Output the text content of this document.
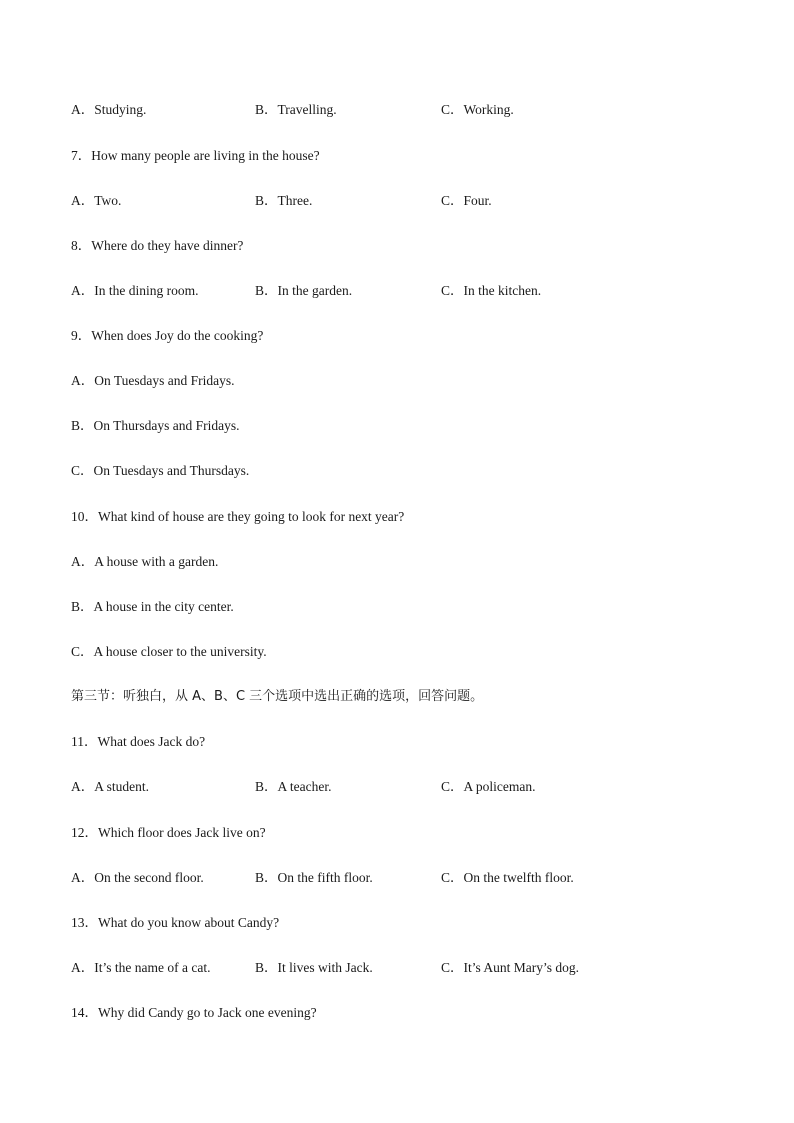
A．Studying.	B．Travelling.	C．Working.
7．How many people are living in the house?
A．Two.	B．Three.	C．Four.
8．Where do they have dinner?
A．In the dining room.	B．In the garden.	C．In the kitchen.
9．When does Joy do the cooking?
A．On Tuesdays and Fridays.
B．On Thursdays and Fridays.
C．On Tuesdays and Thursdays.
10．What kind of house are they going to look for next year?
A．A house with a garden.
B．A house in the city center.
C．A house closer to the university.
第三节：听独白，从 A、B、C 三个选项中选出正确的选项，回答问题。
11．What does Jack do?
A．A student.	B．A teacher.	C．A policeman.
12．Which floor does Jack live on?
A．On the second floor.	B．On the fifth floor.	C．On the twelfth floor.
13．What do you know about Candy?
A．It’s the name of a cat.	B．It lives with Jack.	C．It’s Aunt Mary’s dog.
14．Why did Candy go to Jack one evening?
